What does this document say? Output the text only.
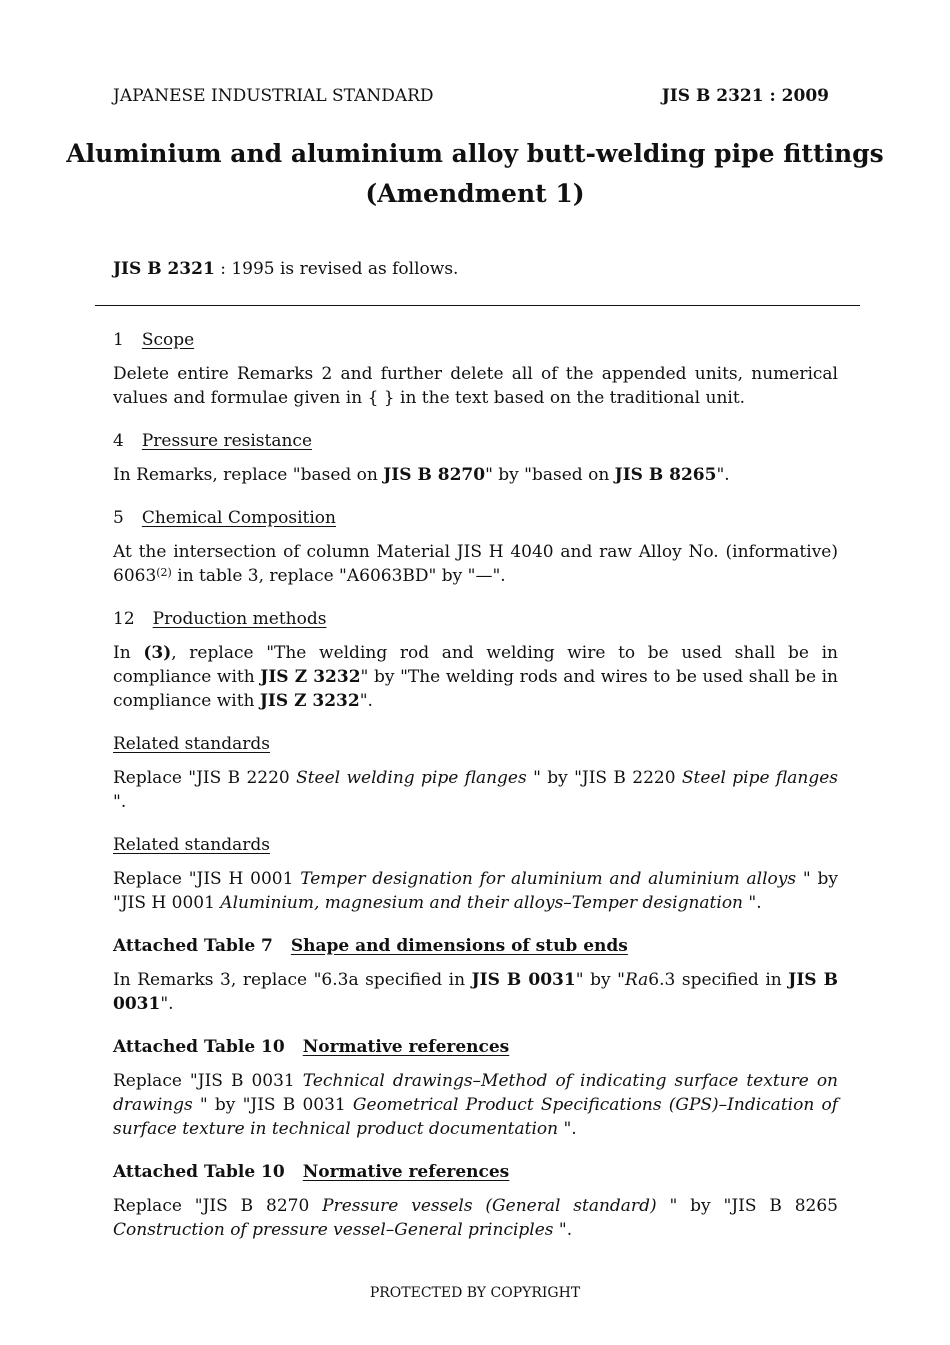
JAPANESE INDUSTRIAL STANDARD	JIS B 2321 : 2009
Aluminium and aluminium alloy butt-welding pipe fittings
(Amendment 1)
JIS B 2321 : 1995 is revised as follows.

1 Scope

Delete entire Remarks 2 and further delete all of the appended units, numerical values and formulae given in { } in the text based on the traditional unit.

4 Pressure resistance

In Remarks, replace "based on JIS B 8270" by "based on JIS B 8265".

5 Chemical Composition

At the intersection of column Material JIS H 4040 and raw Alloy No. (informative) 6063$^{(2)}$ in table 3, replace "A6063BD" by "—".

12 Production methods

In (3), replace "The welding rod and welding wire to be used shall be in compliance with JIS Z 3232" by "The welding rods and wires to be used shall be in compliance with JIS Z 3232".

Related standards

Replace "JIS B 2220 Steel welding pipe flanges " by "JIS B 2220 Steel pipe flanges ".

Related standards

Replace "JIS H 0001 Temper designation for aluminium and aluminium alloys " by "JIS H 0001 Aluminium, magnesium and their alloys–Temper designation ".

Attached Table 7 Shape and dimensions of stub ends

In Remarks 3, replace "6.3a specified in JIS B 0031" by "Ra6.3 specified in JIS B 0031".

Attached Table 10 Normative references

Replace "JIS B 0031 Technical drawings–Method of indicating surface texture on drawings " by "JIS B 0031 Geometrical Product Specifications (GPS)–Indication of surface texture in technical product documentation ".

Attached Table 10 Normative references

Replace "JIS B 8270 Pressure vessels (General standard) " by "JIS B 8265 Construction of pressure vessel–General principles ".

PROTECTED BY COPYRIGHT
